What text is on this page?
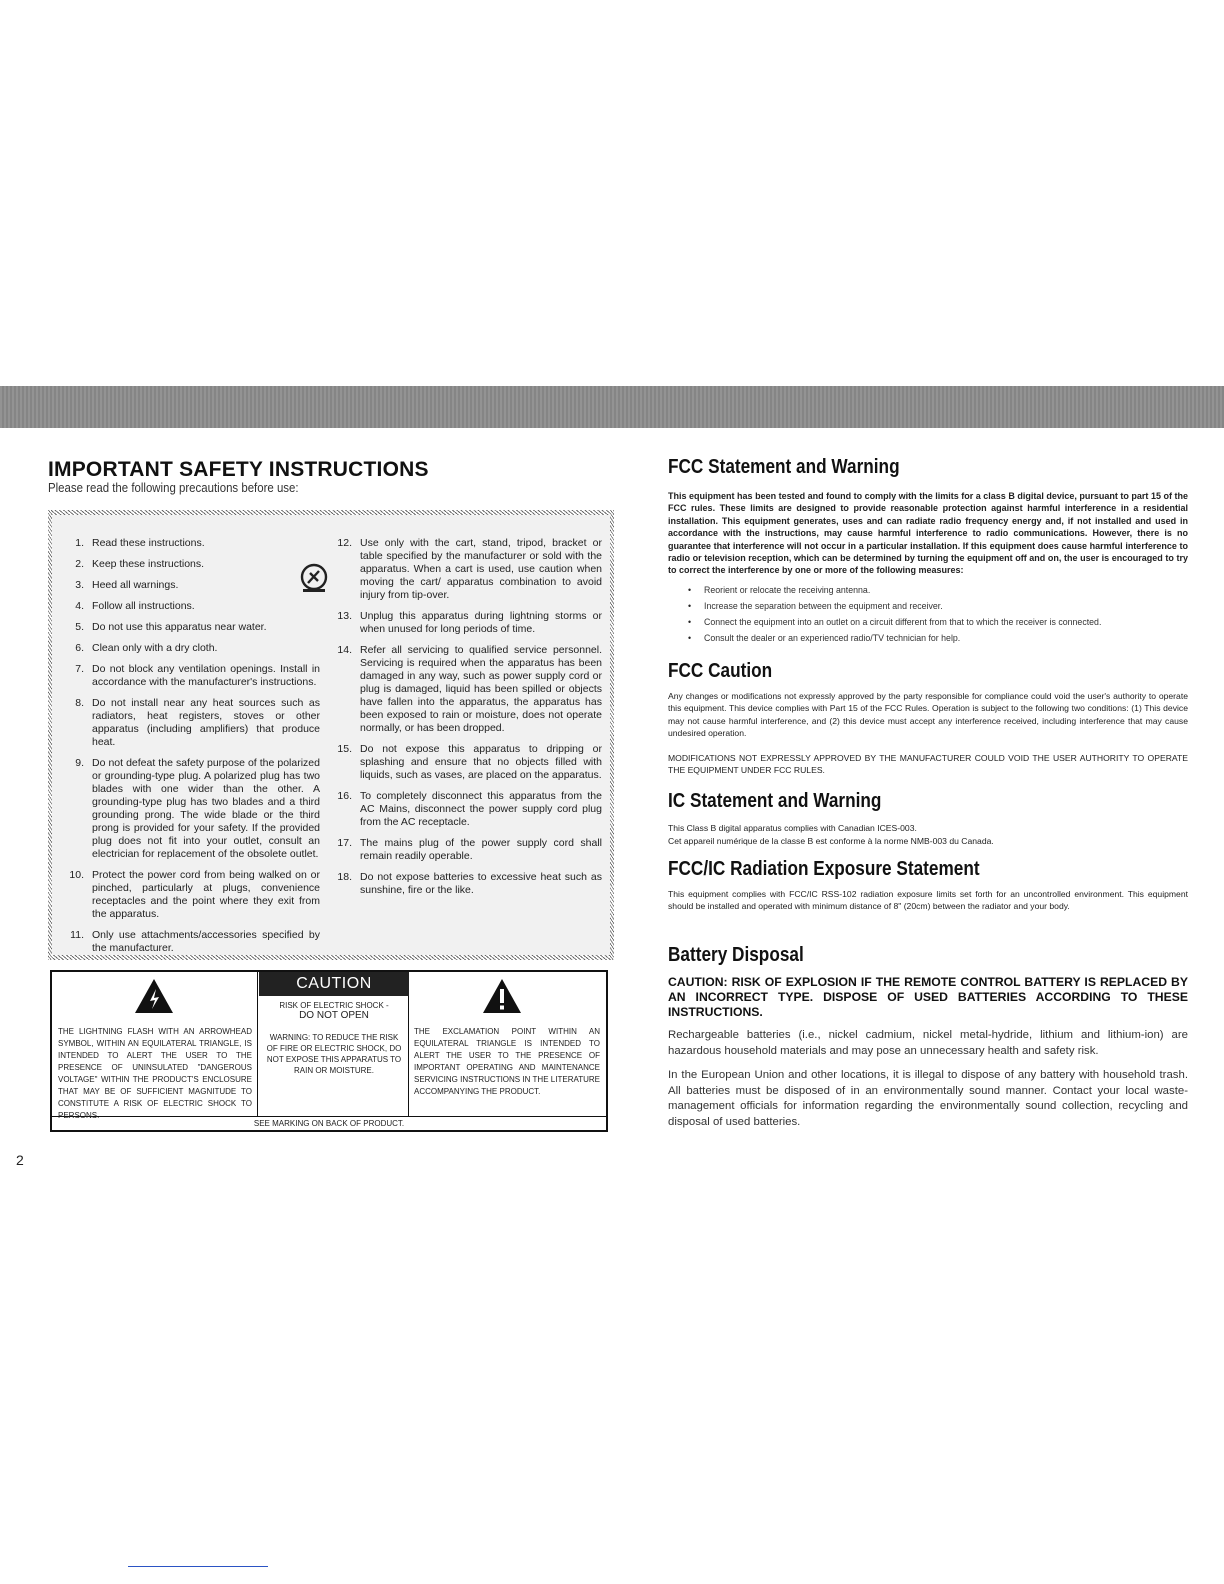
IMPORTANT SAFETY INSTRUCTIONS

Please read the following precautions before use:

1. Read these instructions.
2. Keep these instructions.
3. Heed all warnings.
4. Follow all instructions.
5. Do not use this apparatus near water.
6. Clean only with a dry cloth.
7. Do not block any ventilation openings. Install in accordance with the manufacturer's instructions.
8. Do not install near any heat sources such as radiators, heat registers, stoves or other apparatus (including amplifiers) that produce heat.
9. Do not defeat the safety purpose of the polarized or grounding-type plug. A polarized plug has two blades with one wider than the other. A grounding-type plug has two blades and a third grounding prong. The wide blade or the third prong is provided for your safety. If the provided plug does not fit into your outlet, consult an electrician for replacement of the obsolete outlet.
10. Protect the power cord from being walked on or pinched, particularly at plugs, convenience receptacles and the point where they exit from the apparatus.
11. Only use attachments/accessories specified by the manufacturer.
12. Use only with the cart, stand, tripod, bracket or table specified by the manufacturer or sold with the apparatus. When a cart is used, use caution when moving the cart/ apparatus combination to avoid injury from tip-over.
13. Unplug this apparatus during lightning storms or when unused for long periods of time.
14. Refer all servicing to qualified service personnel. Servicing is required when the apparatus has been damaged in any way, such as power supply cord or plug is damaged, liquid has been spilled or objects have fallen into the apparatus, the apparatus has been exposed to rain or moisture, does not operate normally, or has been dropped.
15. Do not expose this apparatus to dripping or splashing and ensure that no objects filled with liquids, such as vases, are placed on the apparatus.
16. To completely disconnect this apparatus from the AC Mains, disconnect the power supply cord plug from the AC receptacle.
17. The mains plug of the power supply cord shall remain readily operable.
18. Do not expose batteries to excessive heat such as sunshine, fire or the like.
THE LIGHTNING FLASH WITH AN ARROWHEAD SYMBOL, WITHIN AN EQUILATERAL TRIANGLE, IS INTENDED TO ALERT THE USER TO THE PRESENCE OF UNINSULATED "DANGEROUS VOLTAGE" WITHIN THE PRODUCT'S ENCLOSURE THAT MAY BE OF SUFFICIENT MAGNITUDE TO CONSTITUTE A RISK OF ELECTRIC SHOCK TO PERSONS.
CAUTION
RISK OF ELECTRIC SHOCK -
DO NOT OPEN
WARNING: TO REDUCE THE RISK OF FIRE OR ELECTRIC SHOCK, DO NOT EXPOSE THIS APPARATUS TO RAIN OR MOISTURE.
THE EXCLAMATION POINT WITHIN AN EQUILATERAL TRIANGLE IS INTENDED TO ALERT THE USER TO THE PRESENCE OF IMPORTANT OPERATING AND MAINTENANCE SERVICING INSTRUCTIONS IN THE LITERATURE ACCOMPANYING THE PRODUCT.
SEE MARKING ON BACK OF PRODUCT.
2
FCC Statement and Warning

This equipment has been tested and found to comply with the limits for a class B digital device, pursuant to part 15 of the FCC rules. These limits are designed to provide reasonable protection against harmful interference in a residential installation. This equipment generates, uses and can radiate radio frequency energy and, if not installed and used in accordance with the instructions, may cause harmful interference to radio communications. However, there is no guarantee that interference will not occur in a particular installation. If this equipment does cause harmful interference to radio or television reception, which can be determined by turning the equipment off and on, the user is encouraged to try to correct the interference by one or more of the following measures:

• Reorient or relocate the receiving antenna.
• Increase the separation between the equipment and receiver.
• Connect the equipment into an outlet on a circuit different from that to which the receiver is connected.
• Consult the dealer or an experienced radio/TV technician for help.
FCC Caution

Any changes or modifications not expressly approved by the party responsible for compliance could void the user's authority to operate this equipment. This device complies with Part 15 of the FCC Rules. Operation is subject to the following two conditions: (1) This device may not cause harmful interference, and (2) this device must accept any interference received, including interference that may cause undesired operation.

MODIFICATIONS NOT EXPRESSLY APPROVED BY THE MANUFACTURER COULD VOID THE USER AUTHORITY TO OPERATE THE EQUIPMENT UNDER FCC RULES.

IC Statement and Warning

This Class B digital apparatus complies with Canadian ICES-003.

Cet appareil numérique de la classe B est conforme à la norme NMB-003 du Canada.

FCC/IC Radiation Exposure Statement

This equipment complies with FCC/IC RSS-102 radiation exposure limits set forth for an uncontrolled environment. This equipment should be installed and operated with minimum distance of 8" (20cm) between the radiator and your body.

Battery Disposal

CAUTION: RISK OF EXPLOSION IF THE REMOTE CONTROL BATTERY IS REPLACED BY AN INCORRECT TYPE. DISPOSE OF USED BATTERIES ACCORDING TO THESE INSTRUCTIONS.

Rechargeable batteries (i.e., nickel cadmium, nickel metal-hydride, lithium and lithium-ion) are hazardous household materials and may pose an unnecessary health and safety risk.

In the European Union and other locations, it is illegal to dispose of any battery with household trash. All batteries must be disposed of in an environmentally sound manner. Contact your local waste-management officials for information regarding the environmentally sound collection, recycling and disposal of used batteries.
